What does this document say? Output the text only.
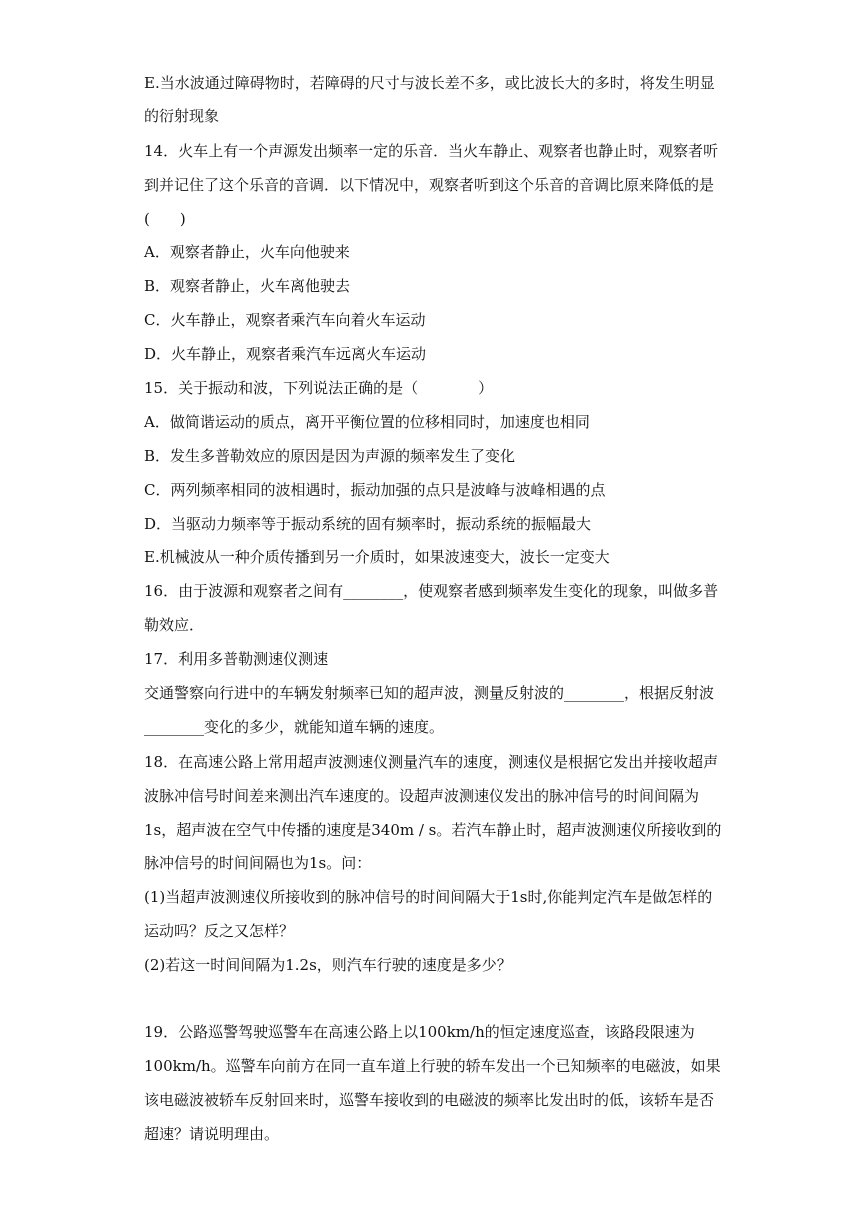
E.当水波通过障碍物时，若障碍的尺寸与波长差不多，或比波长大的多时，将发生明显
的衍射现象
14．火车上有一个声源发出频率一定的乐音．当火车静止、观察者也静止时，观察者听
到并记住了这个乐音的音调．以下情况中，观察者听到这个乐音的音调比原来降低的是
(　　)
A．观察者静止，火车向他驶来
B．观察者静止，火车离他驶去
C．火车静止，观察者乘汽车向着火车运动
D．火车静止，观察者乘汽车远离火车运动
15．关于振动和波，下列说法正确的是（　　　　）
A．做简谐运动的质点，离开平衡位置的位移相同时，加速度也相同
B．发生多普勒效应的原因是因为声源的频率发生了变化
C．两列频率相同的波相遇时，振动加强的点只是波峰与波峰相遇的点
D．当驱动力频率等于振动系统的固有频率时，振动系统的振幅最大
E.机械波从一种介质传播到另一介质时，如果波速变大，波长一定变大
16．由于波源和观察者之间有________，使观察者感到频率发生变化的现象，叫做多普
勒效应．
17．利用多普勒测速仪测速
交通警察向行进中的车辆发射频率已知的超声波，测量反射波的________，根据反射波
________变化的多少，就能知道车辆的速度。
18．在高速公路上常用超声波测速仪测量汽车的速度，测速仪是根据它发出并接收超声
波脉冲信号时间差来测出汽车速度的。设超声波测速仪发出的脉冲信号的时间间隔为
1s，超声波在空气中传播的速度是340m / s。若汽车静止时，超声波测速仪所接收到的
脉冲信号的时间间隔也为1s。问：
(1)当超声波测速仪所接收到的脉冲信号的时间间隔大于1s时,你能判定汽车是做怎样的
运动吗？反之又怎样？
(2)若这一时间间隔为1.2s，则汽车行驶的速度是多少？
19．公路巡警驾驶巡警车在高速公路上以100km/h的恒定速度巡查，该路段限速为
100km/h。巡警车向前方在同一直车道上行驶的轿车发出一个已知频率的电磁波，如果
该电磁波被轿车反射回来时，巡警车接收到的电磁波的频率比发出时的低，该轿车是否
超速？请说明理由。
